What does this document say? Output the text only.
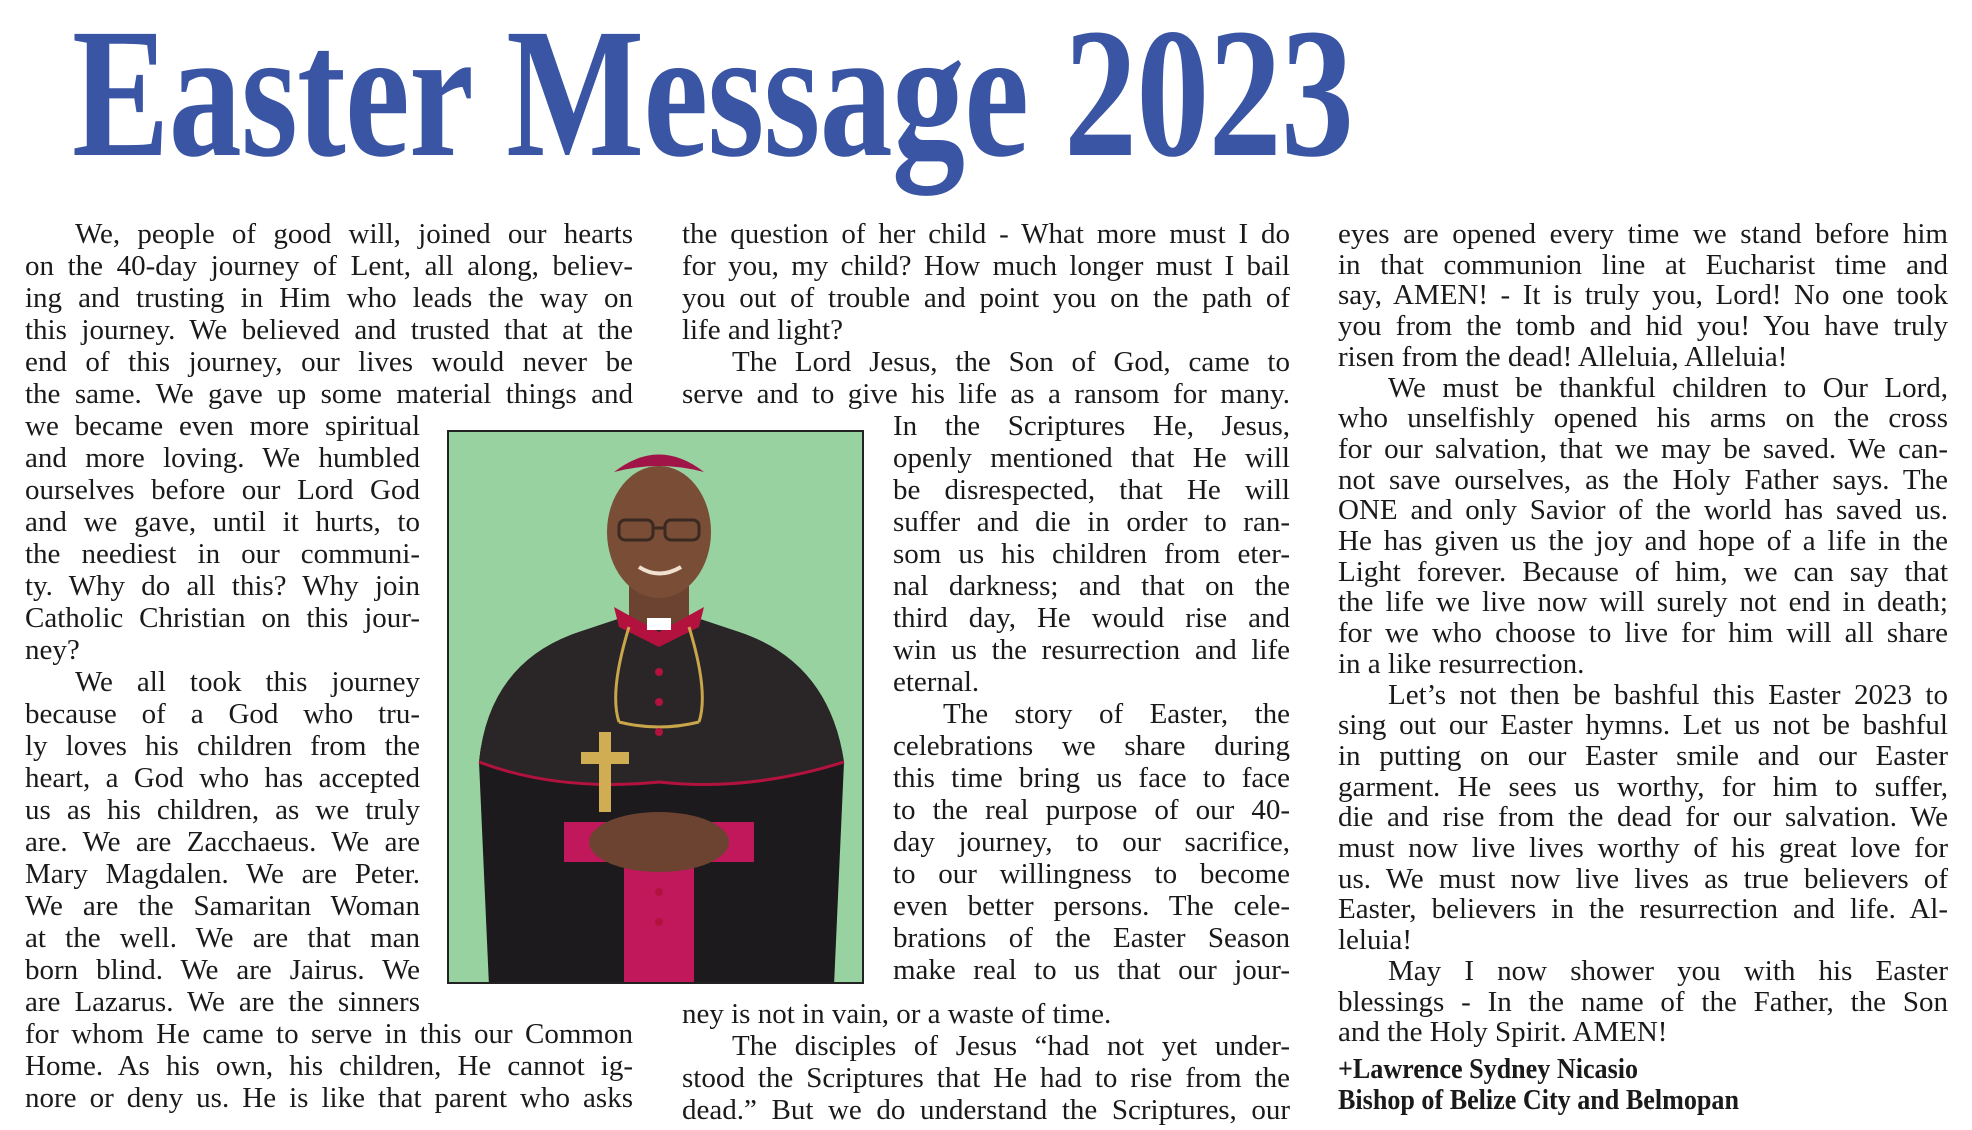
Easter Message 2023
We, people of good will, joined our hearts
on the 40-day journey of Lent, all along, believ-
ing and trusting in Him who leads the way on
this journey. We believed and trusted that at the
end of this journey, our lives would never be
the same. We gave up some material things and
we became even more spiritual
and more loving. We humbled
ourselves before our Lord God
and we gave, until it hurts, to
the neediest in our communi-
ty. Why do all this? Why join
Catholic Christian on this jour-
ney?
We all took this journey
because of a God who tru-
ly loves his children from the
heart, a God who has accepted
us as his children, as we truly
are. We are Zacchaeus. We are
Mary Magdalen. We are Peter.
We are the Samaritan Woman
at the well. We are that man
born blind. We are Jairus. We
are Lazarus. We are the sinners
for whom He came to serve in this our Common
Home. As his own, his children, He cannot ig-
nore or deny us. He is like that parent who asks
the question of her child - What more must I do
for you, my child? How much longer must I bail
you out of trouble and point you on the path of
life and light?
The Lord Jesus, the Son of God, came to
serve and to give his life as a ransom for many.
In the Scriptures He, Jesus,
openly mentioned that He will
be disrespected, that He will
suffer and die in order to ran-
som us his children from eter-
nal darkness; and that on the
third day, He would rise and
win us the resurrection and life
eternal.
The story of Easter, the
celebrations we share during
this time bring us face to face
to the real purpose of our 40-
day journey, to our sacrifice,
to our willingness to become
even better persons. The cele-
brations of the Easter Season
make real to us that our jour-
ney is not in vain, or a waste of time.
The disciples of Jesus “had not yet under-
stood the Scriptures that He had to rise from the
dead.” But we do understand the Scriptures, our
eyes are opened every time we stand before him
in that communion line at Eucharist time and
say, AMEN! - It is truly you, Lord! No one took
you from the tomb and hid you! You have truly
risen from the dead! Alleluia, Alleluia!
We must be thankful children to Our Lord,
who unselfishly opened his arms on the cross
for our salvation, that we may be saved. We can-
not save ourselves, as the Holy Father says. The
ONE and only Savior of the world has saved us.
He has given us the joy and hope of a life in the
Light forever. Because of him, we can say that
the life we live now will surely not end in death;
for we who choose to live for him will all share
in a like resurrection.
Let’s not then be bashful this Easter 2023 to
sing out our Easter hymns. Let us not be bashful
in putting on our Easter smile and our Easter
garment. He sees us worthy, for him to suffer,
die and rise from the dead for our salvation. We
must now live lives worthy of his great love for
us. We must now live lives as true believers of
Easter, believers in the resurrection and life. Al-
leluia!
May I now shower you with his Easter
blessings - In the name of the Father, the Son
and the Holy Spirit. AMEN!
+Lawrence Sydney Nicasio
Bishop of Belize City and Belmopan
